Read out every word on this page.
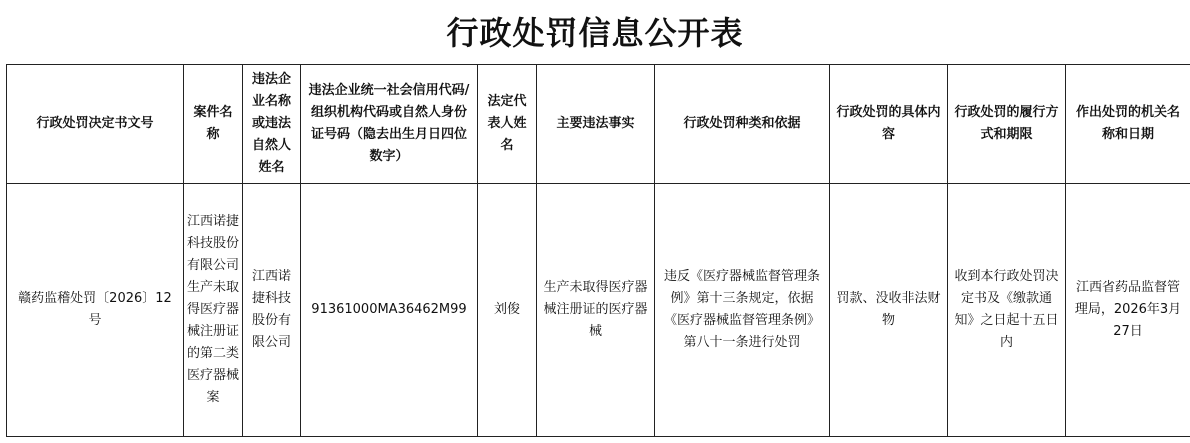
行政处罚信息公开表
行政处罚决定书文号	案件名称	违法企业名称或违法自然人姓名	违法企业统一社会信用代码/组织机构代码或自然人身份证号码（隐去出生月日四位数字）	法定代表人姓名	主要违法事实	行政处罚种类和依据	行政处罚的具体内容	行政处罚的履行方式和期限	作出处罚的机关名称和日期
赣药监稽处罚〔2026〕12号	江西诺捷科技股份有限公司生产未取得医疗器械注册证的第二类医疗器械案	江西诺捷科技股份有限公司	91361000MA36462M99	刘俊	生产未取得医疗器械注册证的医疗器械	违反《医疗器械监督管理条例》第十三条规定，依据《医疗器械监督管理条例》第八十一条进行处罚	罚款、没收非法财物	收到本行政处罚决定书及《缴款通知》之日起十五日内	江西省药品监督管理局，2026年3月27日
